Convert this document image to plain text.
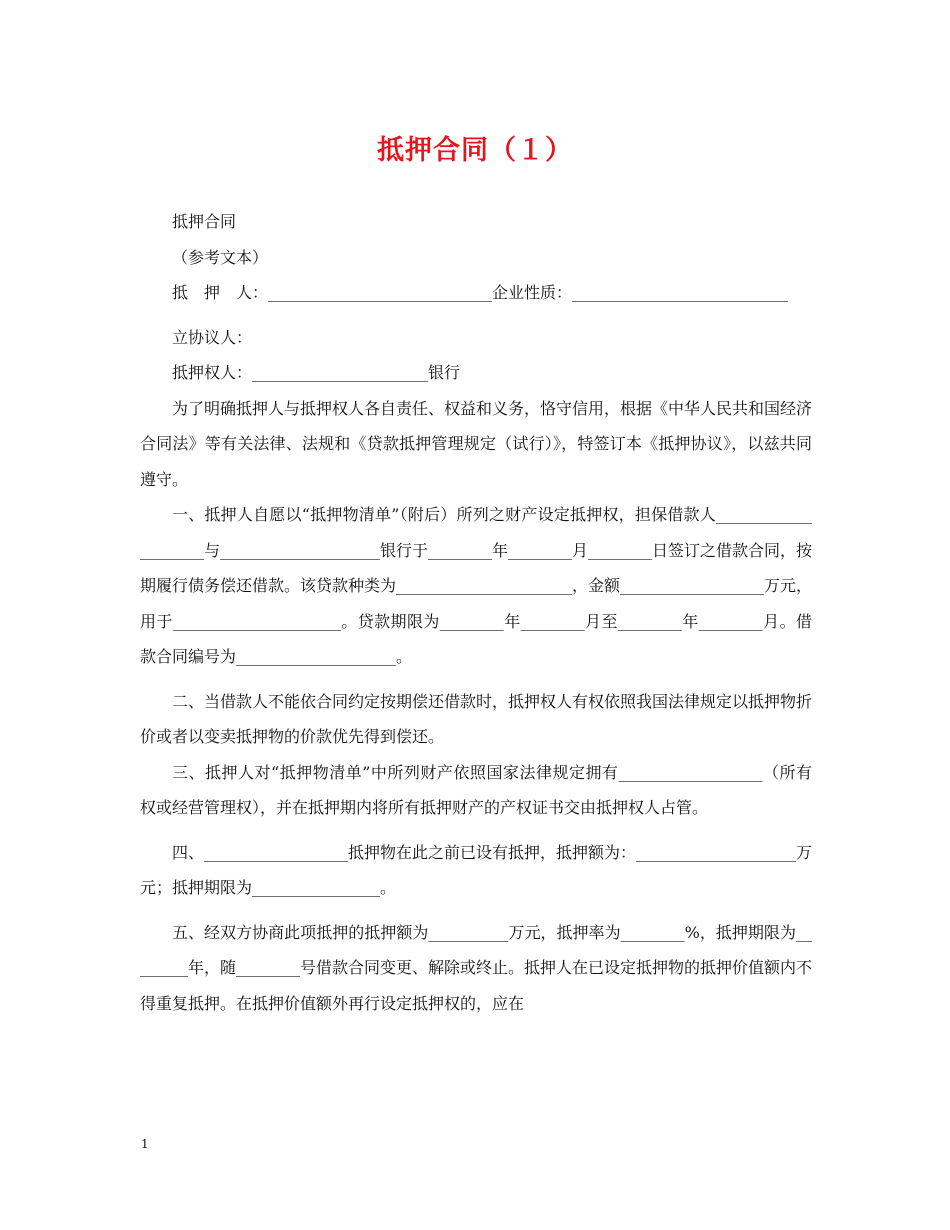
抵押合同（１）

抵押合同

（参考文本）

抵　押　人：____________________________企业性质：___________________________

立协议人：

抵押权人：______________________银行

为了明确抵押人与抵押权人各自责任、权益和义务，恪守信用，根据《中华人民共和国经济合同法》等有关法律、法规和《贷款抵押管理规定（试行）》，特签订本《抵押协议》，以兹共同遵守。

一、抵押人自愿以“抵押物清单”（附后）所列之财产设定抵押权，担保借款人____________________与____________________银行于________年________月________日签订之借款合同，按期履行债务偿还借款。该贷款种类为______________________，金额__________________万元，用于_____________________。贷款期限为________年________月至________年________月。借款合同编号为____________________。

二、当借款人不能依合同约定按期偿还借款时，抵押权人有权依照我国法律规定以抵押物折价或者以变卖抵押物的价款优先得到偿还。

三、抵押人对“抵押物清单”中所列财产依照国家法律规定拥有__________________（所有权或经营管理权），并在抵押期内将所有抵押财产的产权证书交由抵押权人占管。

四、__________________抵押物在此之前已设有抵押，抵押额为：____________________万元；抵押期限为________________。

五、经双方协商此项抵押的抵押额为__________万元，抵押率为________%，抵押期限为________年，随________号借款合同变更、解除或终止。抵押人在已设定抵押物的抵押价值额内不得重复抵押。在抵押价值额外再行设定抵押权的，应在

1
